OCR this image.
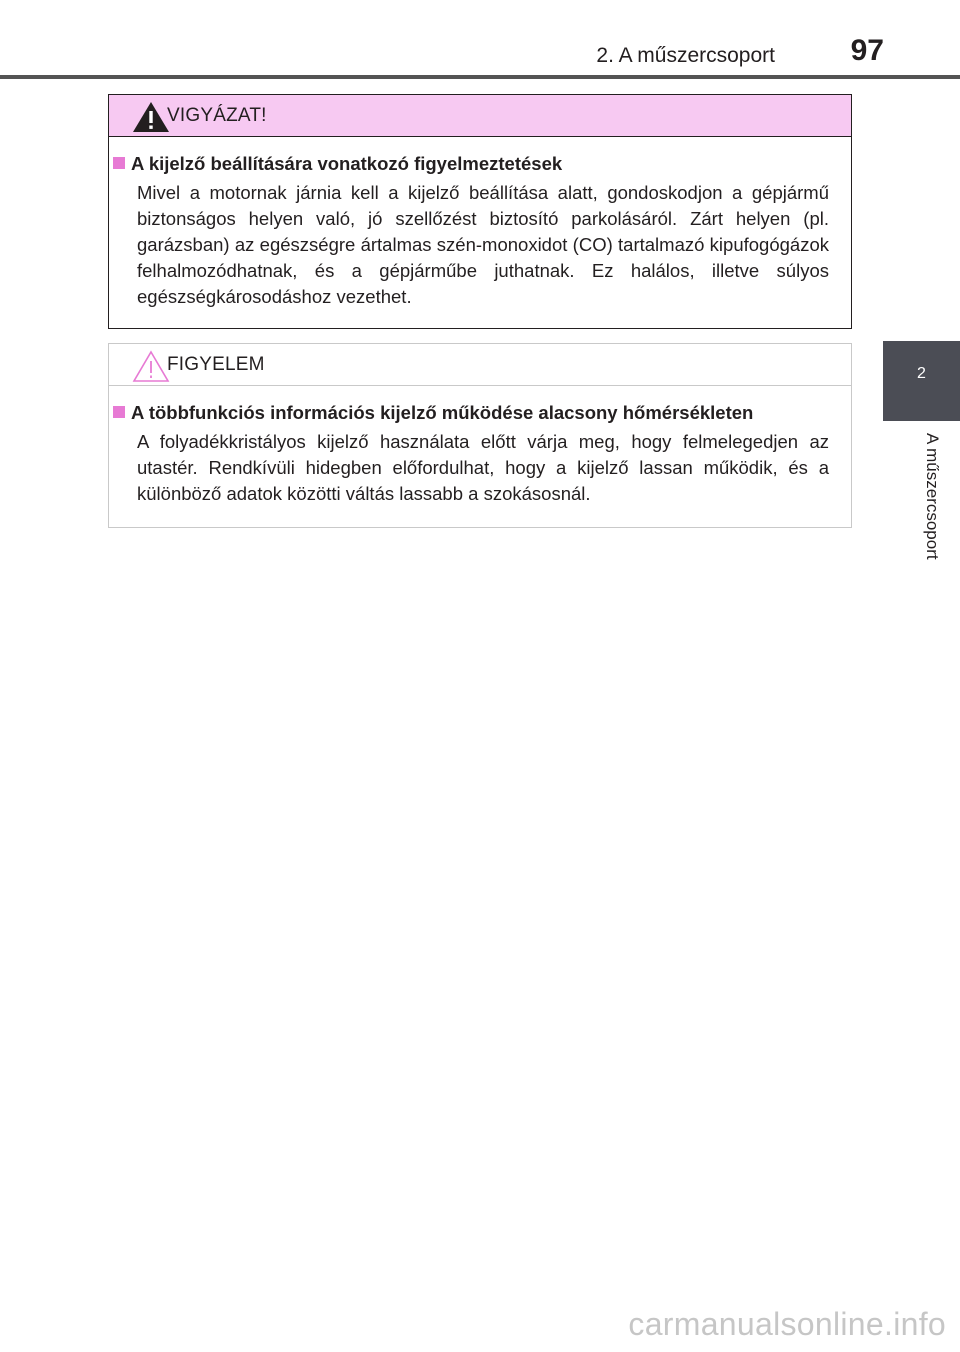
2. A műszercsoport	97
2
A műszercsoport
VIGYÁZAT!
A kijelző beállítására vonatkozó figyelmeztetések
Mivel a motornak járnia kell a kijelző beállítása alatt, gondoskodjon a gépjármű biztonságos helyen való, jó szellőzést biztosító parkolásáról. Zárt helyen (pl. garázsban) az egészségre ártalmas szén-monoxidot (CO) tartalmazó kipufogógázok felhalmozódhatnak, és a gépjárműbe juthatnak. Ez halálos, illetve súlyos egészségkárosodáshoz vezethet.
FIGYELEM
A többfunkciós információs kijelző működése alacsony hőmérsékleten
A folyadékkristályos kijelző használata előtt várja meg, hogy felmelegedjen az utastér. Rendkívüli hidegben előfordulhat, hogy a kijelző lassan működik, és a különböző adatok közötti váltás lassabb a szokásosnál.
carmanualsonline.info
